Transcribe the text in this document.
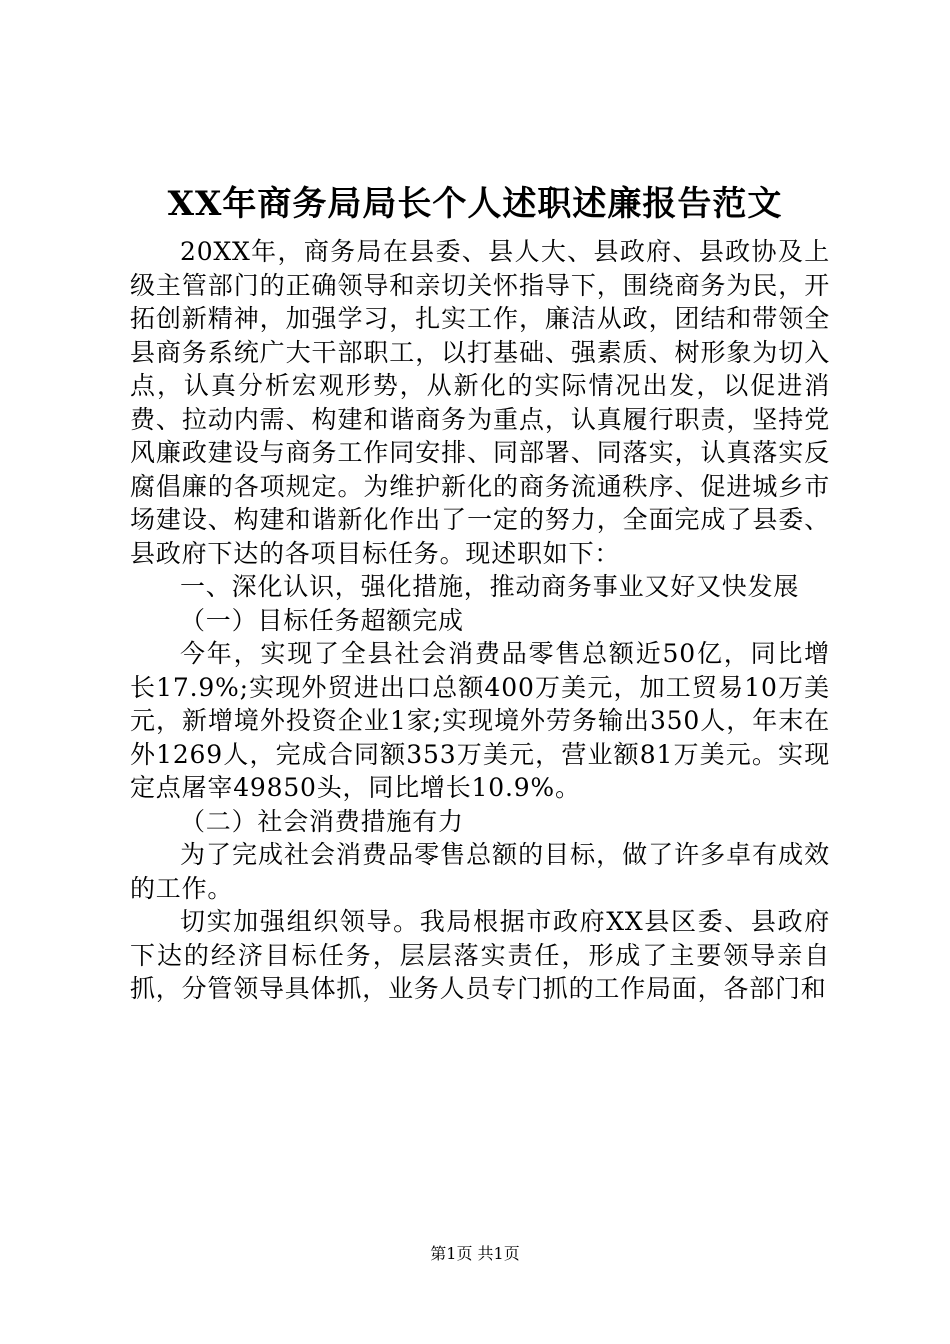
XX年商务局局长个人述职述廉报告范文

20XX年，商务局在县委、县人大、县政府、县政协及上级主管部门的正确领导和亲切关怀指导下，围绕商务为民，开拓创新精神，加强学习，扎实工作，廉洁从政，团结和带领全县商务系统广大干部职工，以打基础、强素质、树形象为切入点，认真分析宏观形势，从新化的实际情况出发，以促进消费、拉动内需、构建和谐商务为重点，认真履行职责，坚持党风廉政建设与商务工作同安排、同部署、同落实，认真落实反腐倡廉的各项规定。为维护新化的商务流通秩序、促进城乡市场建设、构建和谐新化作出了一定的努力，全面完成了县委、县政府下达的各项目标任务。现述职如下：

一、深化认识，强化措施，推动商务事业又好又快发展

（一）目标任务超额完成

今年，实现了全县社会消费品零售总额近50亿，同比增长17.9%;实现外贸进出口总额400万美元，加工贸易10万美元，新增境外投资企业1家;实现境外劳务输出350人，年末在外1269人，完成合同额353万美元，营业额81万美元。实现定点屠宰49850头，同比增长10.9%。

（二）社会消费措施有力

为了完成社会消费品零售总额的目标，做了许多卓有成效的工作。

切实加强组织领导。我局根据市政府XX县区委、县政府下达的经济目标任务，层层落实责任，形成了主要领导亲自抓，分管领导具体抓，业务人员专门抓的工作局面，各部门和

第1页 共1页
